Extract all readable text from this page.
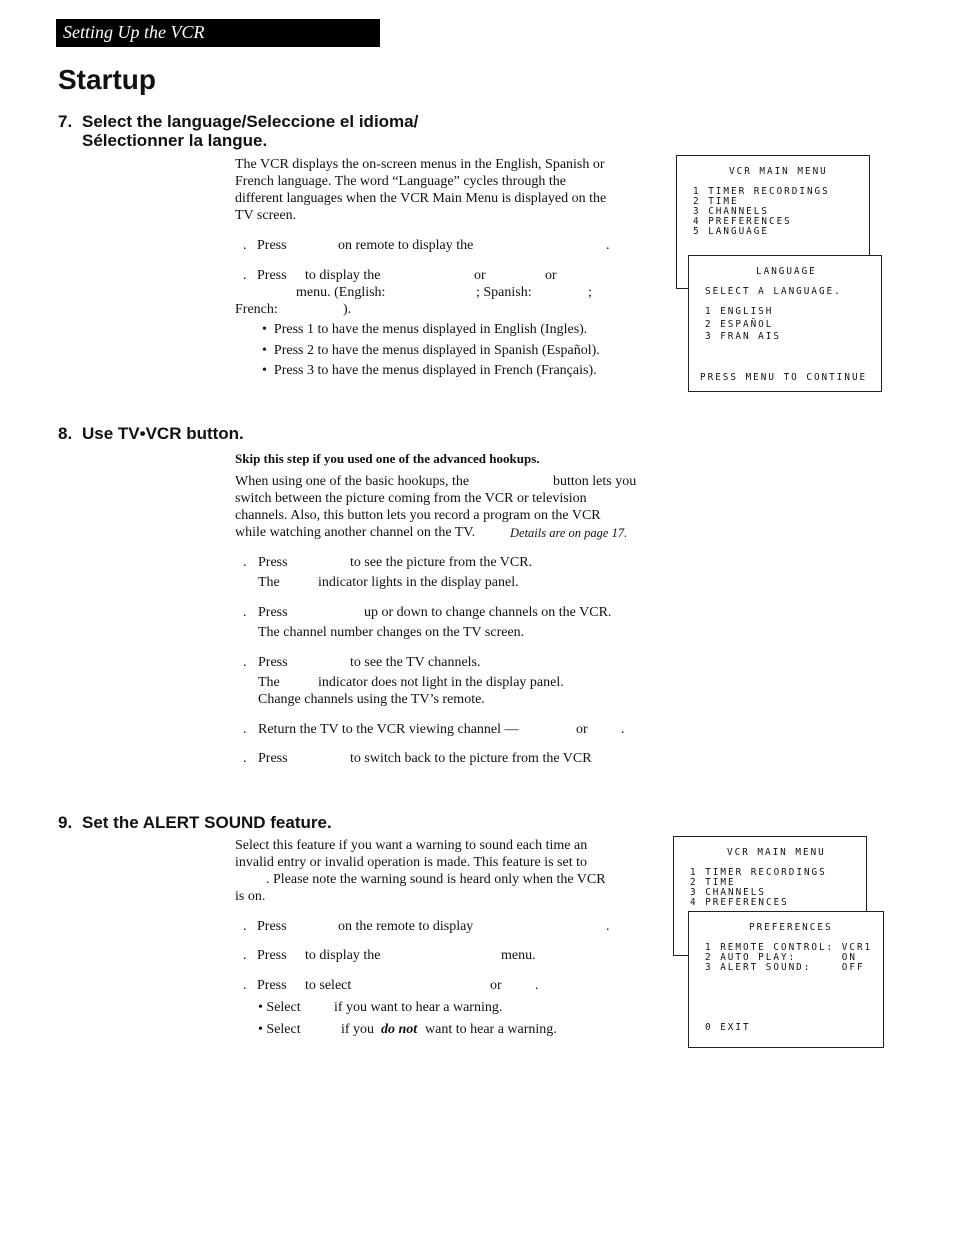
Setting Up the VCR
Startup
7. Select the language/Seleccione el idioma/
Sélectionner la langue.
The VCR displays the on-screen menus in the English, Spanish or
French language. The word “Language” cycles through the
different languages when the VCR Main Menu is displayed on the
TV screen.
. Press	on remote to display the	.
. Press to display the	or	or
menu. (English:	; Spanish:	;
French:	).
•  Press 1 to have the menus displayed in English (Ingles).
•  Press 2 to have the menus displayed in Spanish (Español).
•  Press 3 to have the menus displayed in French (Français).
8. Use TV•VCR button.
Skip this step if you used one of the advanced hookups.
When using one of the basic hookups, the	button lets you
switch between the picture coming from the VCR or television
channels. Also, this button lets you record a program on the VCR
while watching another channel on the TV.	Details are on page 17.
. Press	to see the picture from the VCR.
The	indicator lights in the display panel.
. Press	up or down to change channels on the VCR.
The channel number changes on the TV screen.
. Press	to see the TV channels.
The	indicator does not light in the display panel.
Change channels using the TV’s remote.
. Return the TV to the VCR viewing channel —	or .
. Press	to switch back to the picture from the VCR
9. Set the ALERT SOUND feature.
Select this feature if you want a warning to sound each time an
invalid entry or invalid operation is made. This feature is set to
. Please note the warning sound is heard only when the VCR
is on.
. Press	on the remote to display	.
. Press to display the	menu.
. Press to select	or .
• Select if you want to hear a warning.
• Select	if you do not want to hear a warning.

VCR MAIN MENU

1 TIMER RECORDINGS

2 TIME

3 CHANNELS

4 PREFERENCES

5 LANGUAGE

LANGUAGE

SELECT A LANGUAGE.

1 ENGLISH

2 ESPAÑOL

3 FRAN AIS

PRESS MENU TO CONTINUE

VCR MAIN MENU

1 TIMER RECORDINGS

2 TIME

3 CHANNELS

4 PREFERENCES

PREFERENCES

1 REMOTE CONTROL: VCR1

2 AUTO PLAY:      ON

3 ALERT SOUND:    OFF

0 EXIT
